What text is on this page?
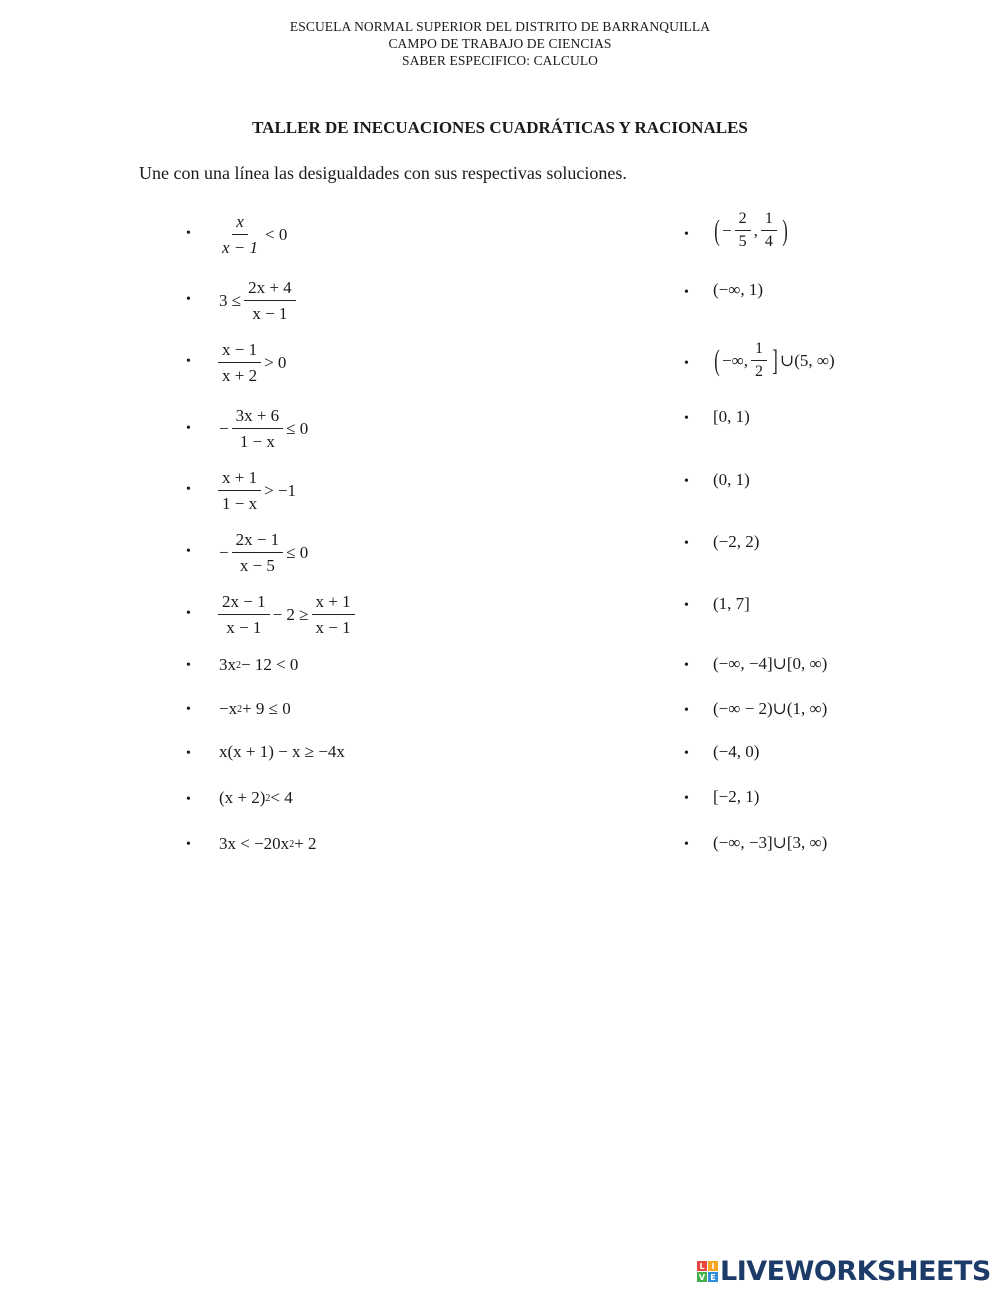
ESCUELA NORMAL SUPERIOR DEL DISTRITO DE BARRANQUILLA
CAMPO DE TRABAJO DE CIENCIAS
SABER ESPECIFICO: CALCULO
TALLER DE INECUACIONES CUADRÁTICAS Y RACIONALES
Une con una línea las desigualdades con sus respectivas soluciones.
• $\frac{x}{x - 1} < 0$
• $3 \le \frac{2x + 4}{x - 1}$
• $\frac{x - 1}{x + 2} > 0$
• − $\frac{3x + 6}{1 - x} \le 0$
• $\frac{x + 1}{1 - x} > -1$
• − $\frac{2x - 1}{x - 5} \le 0$
• $\frac{2x - 1}{x - 1} - 2 \ge \frac{x + 1}{x - 1}$
• 3x 2 − 12 < 0
• −x 2 + 9 ≤ 0
• x(x + 1) − x ≥ −4x
• (x + 2) 2 < 4
• 3x < −20x 2 + 2
• ( − $\frac{2}{5}$ , $\frac{1}{4}$ )
• (−∞, 1)
• ( −∞, $\frac{1}{2}$ ] ∪(5, ∞)
• [0, 1)
• (0, 1)
• (−2, 2)
• (1, 7]
• (−∞, −4]∪[0, ∞)
• (−∞ − 2)∪(1, ∞)
• (−4, 0)
• [−2, 1)
• (−∞, −3]∪[3, ∞)
L I
V E LIVEWORKSHEETS
